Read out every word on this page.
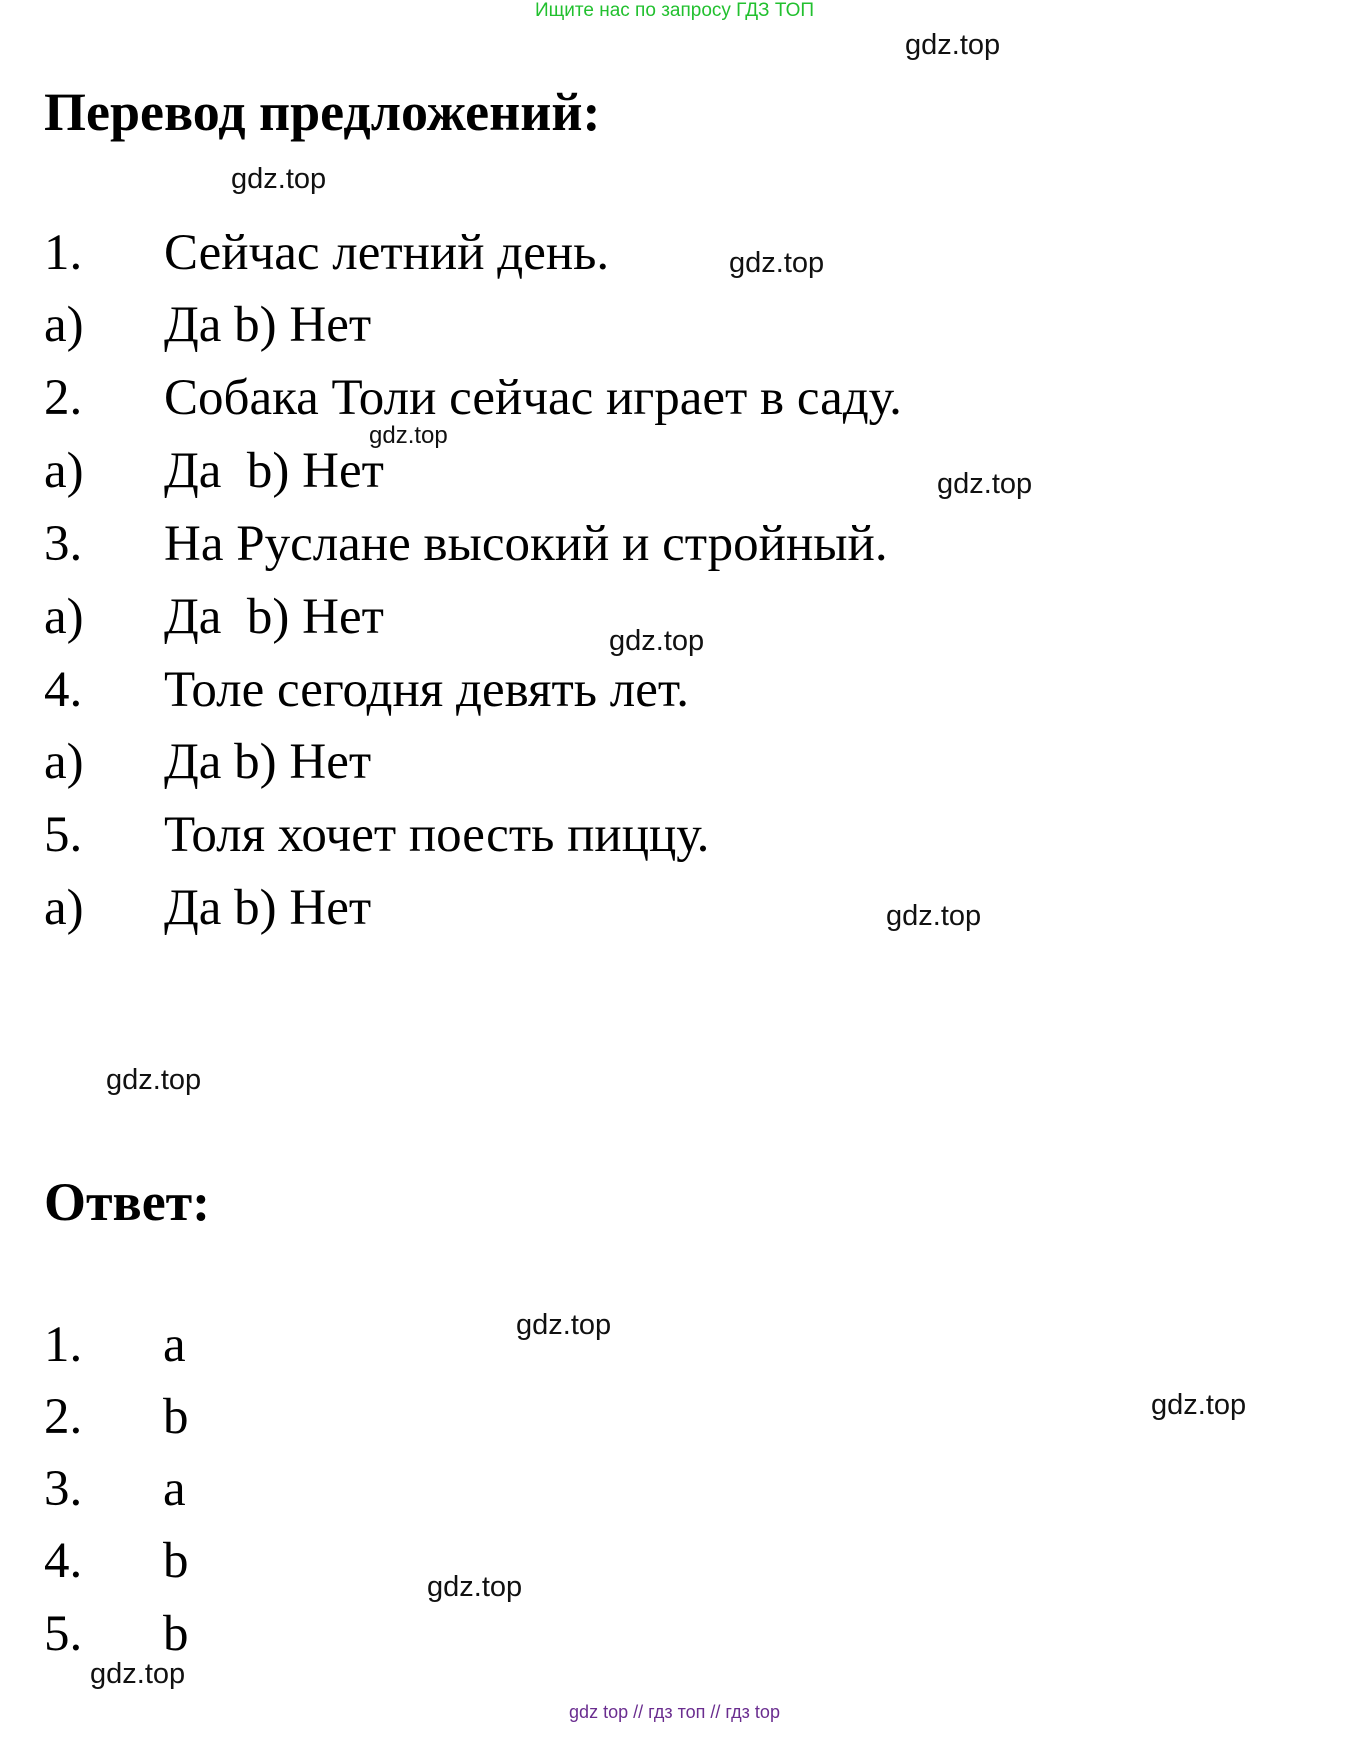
Ищите нас по запросу ГДЗ ТОП
gdz.top
Перевод предложений:
gdz.top

1.

Сейчас летний день.	gdz.top

a)

Да b) Нет

2.

Собака Толи сейчас играет в саду.

gdz.top

a)

Да  b) Нет	gdz.top

3.

На Руслане высокий и стройный.

a)

Да  b) Нет	gdz.top

4.

Толе сегодня девять лет.

a)

Да b) Нет

5.

Толя хочет поесть пиццу.

a)

Да b) Нет	gdz.top
gdz.top
Ответ:

1.

a	gdz.top

2.

b	gdz.top

3.

a

4.

b	gdz.top

5.

b

gdz.top
gdz top // гдз топ // гдз top
